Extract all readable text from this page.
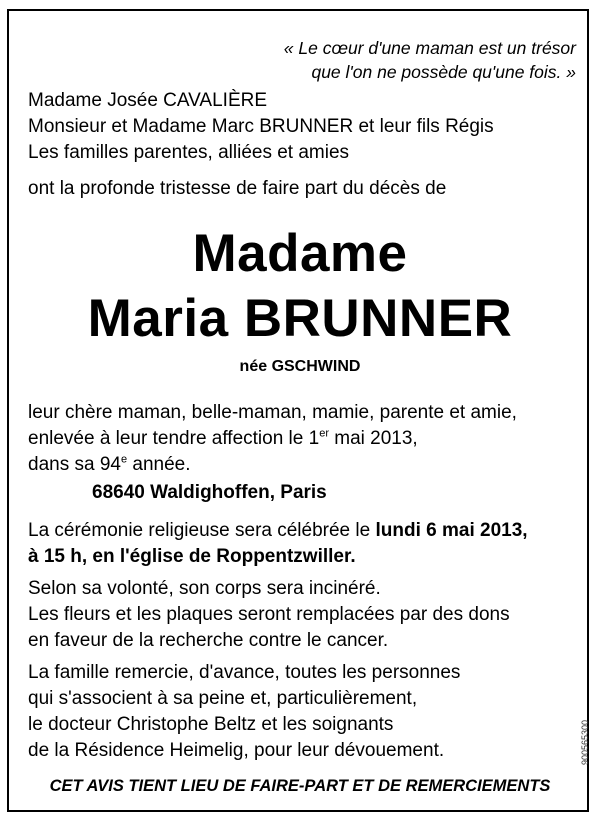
« Le cœur d'une maman est un trésor
que l'on ne possède qu'une fois. »
Madame Josée CAVALIÈRE
Monsieur et Madame Marc BRUNNER et leur fils Régis
Les familles parentes, alliées et amies
ont la profonde tristesse de faire part du décès de
Madame
Maria BRUNNER
née GSCHWIND
leur chère maman, belle-maman, mamie, parente et amie,
enlevée à leur tendre affection le 1er mai 2013,
dans sa 94e année.
68640 Waldighoffen, Paris
La cérémonie religieuse sera célébrée le lundi 6 mai 2013,
à 15 h, en l'église de Roppentzwiller.
Selon sa volonté, son corps sera incinéré.
Les fleurs et les plaques seront remplacées par des dons
en faveur de la recherche contre le cancer.
La famille remercie, d'avance, toutes les personnes
qui s'associent à sa peine et, particulièrement,
le docteur Christophe Beltz et les soignants
de la Résidence Heimelig, pour leur dévouement.
CET AVIS TIENT LIEU DE FAIRE-PART ET DE REMERCIEMENTS
900565300
